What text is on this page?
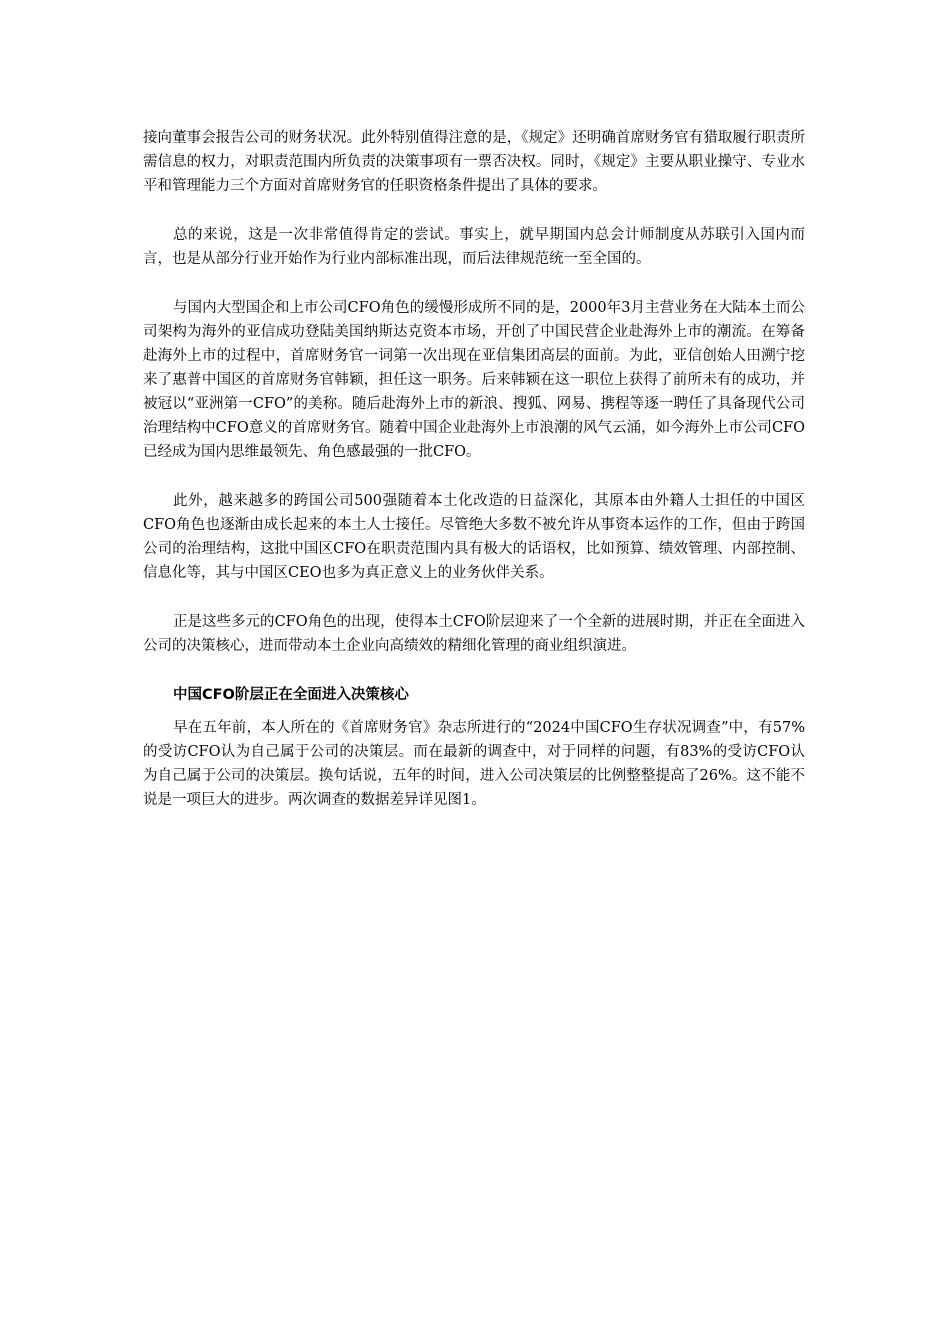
接向董事会报告公司的财务状况。此外特别值得注意的是，《规定》还明确首席财务官有猎取履行职责所需信息的权力，对职责范围内所负责的决策事项有一票否决权。同时，《规定》主要从职业操守、专业水平和管理能力三个方面对首席财务官的任职资格条件提出了具体的要求。

总的来说，这是一次非常值得肯定的尝试。事实上，就早期国内总会计师制度从苏联引入国内而言，也是从部分行业开始作为行业内部标准出现，而后法律规范统一至全国的。

与国内大型国企和上市公司CFO角色的缓慢形成所不同的是，2000年3月主营业务在大陆本土而公司架构为海外的亚信成功登陆美国纳斯达克资本市场，开创了中国民营企业赴海外上市的潮流。在筹备赴海外上市的过程中，首席财务官一词第一次出现在亚信集团高层的面前。为此，亚信创始人田溯宁挖来了惠普中国区的首席财务官韩颖，担任这一职务。后来韩颖在这一职位上获得了前所未有的成功，并被冠以“亚洲第一CFO”的美称。随后赴海外上市的新浪、搜狐、网易、携程等逐一聘任了具备现代公司治理结构中CFO意义的首席财务官。随着中国企业赴海外上市浪潮的风气云涌，如今海外上市公司CFO已经成为国内思维最领先、角色感最强的一批CFO。

此外，越来越多的跨国公司500强随着本土化改造的日益深化，其原本由外籍人士担任的中国区CFO角色也逐渐由成长起来的本土人士接任。尽管绝大多数不被允许从事资本运作的工作，但由于跨国公司的治理结构，这批中国区CFO在职责范围内具有极大的话语权，比如预算、绩效管理、内部控制、信息化等，其与中国区CEO也多为真正意义上的业务伙伴关系。

正是这些多元的CFO角色的出现，使得本土CFO阶层迎来了一个全新的进展时期，并正在全面进入公司的决策核心，进而带动本土企业向高绩效的精细化管理的商业组织演进。

中国CFO阶层正在全面进入决策核心

早在五年前，本人所在的《首席财务官》杂志所进行的“2024中国CFO生存状况调查”中，有57%的受访CFO认为自己属于公司的决策层。而在最新的调查中，对于同样的问题，有83%的受访CFO认为自己属于公司的决策层。换句话说，五年的时间，进入公司决策层的比例整整提高了26%。这不能不说是一项巨大的进步。两次调查的数据差异详见图1。
